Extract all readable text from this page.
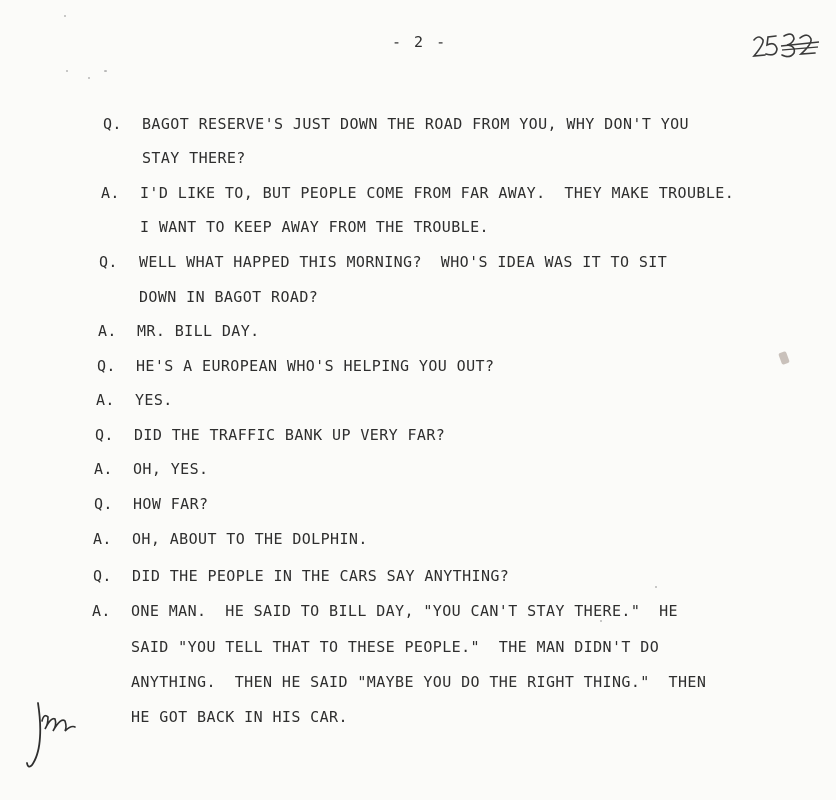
- 2 -
Q. BAGOT RESERVE'S JUST DOWN THE ROAD FROM YOU, WHY DON'T YOU
STAY THERE?
A. I'D LIKE TO, BUT PEOPLE COME FROM FAR AWAY.  THEY MAKE TROUBLE.
I WANT TO KEEP AWAY FROM THE TROUBLE.
Q. WELL WHAT HAPPED THIS MORNING?  WHO'S IDEA WAS IT TO SIT
DOWN IN BAGOT ROAD?
A. MR. BILL DAY.
Q. HE'S A EUROPEAN WHO'S HELPING YOU OUT?
A. YES.
Q. DID THE TRAFFIC BANK UP VERY FAR?
A. OH, YES.
Q. HOW FAR?
A. OH, ABOUT TO THE DOLPHIN.
Q. DID THE PEOPLE IN THE CARS SAY ANYTHING?
A. ONE MAN.  HE SAID TO BILL DAY, "YOU CAN'T STAY THERE."  HE
SAID "YOU TELL THAT TO THESE PEOPLE."  THE MAN DIDN'T DO
ANYTHING.  THEN HE SAID "MAYBE YOU DO THE RIGHT THING."  THEN
HE GOT BACK IN HIS CAR.
